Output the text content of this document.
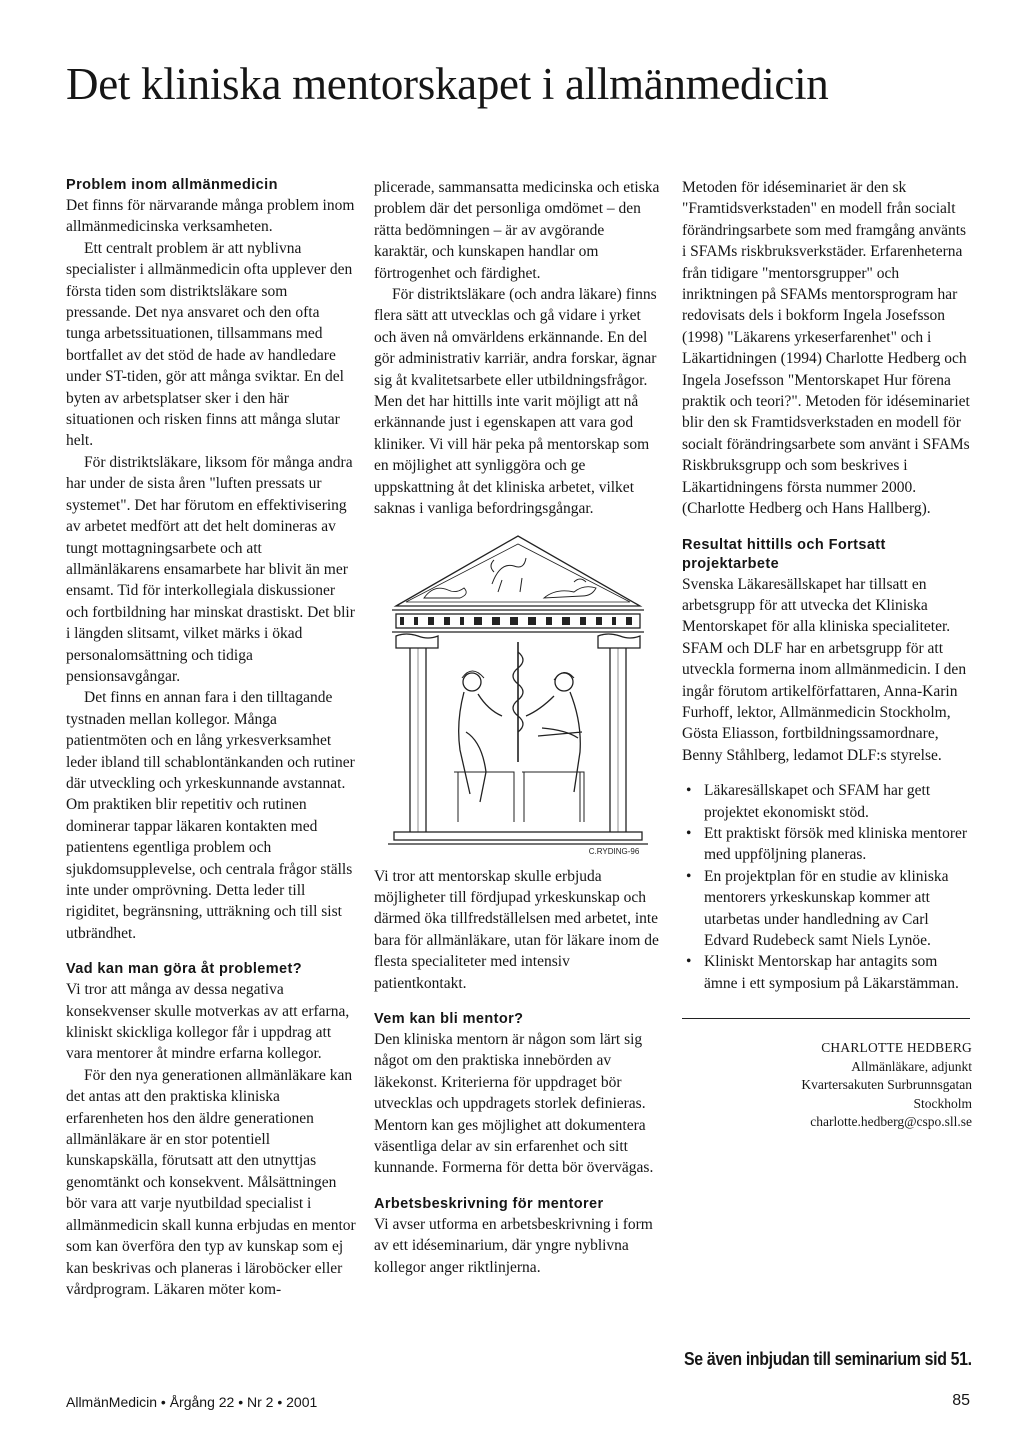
Det kliniska mentorskapet i allmänmedicin
Problem inom allmänmedicin

Det finns för närvarande många problem inom allmänmedicinska verksamheten.

Ett centralt problem är att nyblivna specialister i allmänmedicin ofta upplever den första tiden som distriktsläkare som pressande. Det nya ansvaret och den ofta tunga arbetssituationen, tillsammans med bortfallet av det stöd de hade av handledare under ST-tiden, gör att många sviktar. En del byten av arbetsplatser sker i den här situationen och risken finns att många slutar helt.

För distriktsläkare, liksom för många andra har under de sista åren "luften pressats ur systemet". Det har förutom en effektivisering av arbetet medfört att det helt domineras av tungt mottagningsarbete och att allmänläkarens ensamarbete har blivit än mer ensamt. Tid för interkollegiala diskussioner och fortbildning har minskat drastiskt. Det blir i längden slitsamt, vilket märks i ökad personalomsättning och tidiga pensionsavgångar.

Det finns en annan fara i den tilltagande tystnaden mellan kollegor. Många patientmöten och en lång yrkesverksamhet leder ibland till schablontänkanden och rutiner där utveckling och yrkeskunnande avstannat. Om praktiken blir repetitiv och rutinen dominerar tappar läkaren kontakten med patientens egentliga problem och sjukdomsupplevelse, och centrala frågor ställs inte under omprövning. Detta leder till rigiditet, begränsning, utträkning och till sist utbrändhet.

Vad kan man göra åt problemet?

Vi tror att många av dessa negativa konsekvenser skulle motverkas av att erfarna, kliniskt skickliga kollegor får i uppdrag att vara mentorer åt mindre erfarna kollegor.

För den nya generationen allmänläkare kan det antas att den praktiska kliniska erfarenheten hos den äldre generationen allmänläkare är en stor potentiell kunskapskälla, förutsatt att den utnyttjas genomtänkt och konsekvent. Målsättningen bör vara att varje nyutbildad specialist i allmänmedicin skall kunna erbjudas en mentor som kan överföra den typ av kunskap som ej kan beskrivas och planeras i läroböcker eller vårdprogram. Läkaren möter kom-

plicerade, sammansatta medicinska och etiska problem där det personliga omdömet – den rätta bedömningen – är av avgörande karaktär, och kunskapen handlar om förtrogenhet och färdighet.

För distriktsläkare (och andra läkare) finns flera sätt att utvecklas och gå vidare i yrket och även nå omvärldens erkännande. En del gör administrativ karriär, andra forskar, ägnar sig åt kvalitetsarbete eller utbildningsfrågor. Men det har hittills inte varit möjligt att nå erkännande just i egenskapen att vara god kliniker. Vi vill här peka på mentorskap som en möjlighet att synliggöra och ge uppskattning åt det kliniska arbetet, vilket saknas i vanliga befordringsgångar.

C.RYDING-96

Vi tror att mentorskap skulle erbjuda möjligheter till fördjupad yrkeskunskap och därmed öka tillfredställelsen med arbetet, inte bara för allmänläkare, utan för läkare inom de flesta specialiteter med intensiv patientkontakt.

Vem kan bli mentor?

Den kliniska mentorn är någon som lärt sig något om den praktiska innebörden av läkekonst. Kriterierna för uppdraget bör utvecklas och uppdragets storlek definieras. Mentorn kan ges möjlighet att dokumentera väsentliga delar av sin erfarenhet och sitt kunnande. Formerna för detta bör övervägas.

Arbetsbeskrivning för mentorer

Vi avser utforma en arbetsbeskrivning i form av ett idéseminarium, där yngre nyblivna kollegor anger riktlinjerna.

Metoden för idéseminariet är den sk "Framtidsverkstaden" en modell från socialt förändringsarbete som med framgång använts i SFAMs riskbruksverkstäder. Erfarenheterna från tidigare "mentorsgrupper" och inriktningen på SFAMs mentorsprogram har redovisats dels i bokform Ingela Josefsson (1998) "Läkarens yrkeserfarenhet" och i Läkartidningen (1994) Charlotte Hedberg och Ingela Josefsson "Mentorskapet Hur förena praktik och teori?". Metoden för idéseminariet blir den sk Framtidsverkstaden en modell för socialt förändringsarbete som använt i SFAMs Riskbruksgrupp och som beskrives i Läkartidningens första nummer 2000. (Charlotte Hedberg och Hans Hallberg).

Resultat hittills och Fortsatt projektarbete

Svenska Läkaresällskapet har tillsatt en arbetsgrupp för att utvecka det Kliniska Mentorskapet för alla kliniska specialiteter. SFAM och DLF har en arbetsgrupp för att utveckla formerna inom allmänmedicin. I den ingår förutom artikelförfattaren, Anna-Karin Furhoff, lektor, Allmänmedicin Stockholm, Gösta Eliasson, fortbildningssamordnare, Benny Ståhlberg, ledamot DLF:s styrelse.

• Läkaresällskapet och SFAM har gett projektet ekonomiskt stöd.
• Ett praktiskt försök med kliniska mentorer med uppföljning planeras.
• En projektplan för en studie av kliniska mentorers yrkeskunskap kommer att utarbetas under handledning av Carl Edvard Rudebeck samt Niels Lynöe.
• Kliniskt Mentorskap har antagits som ämne i ett symposium på Läkarstämman.
CHARLOTTE HEDBERG
Allmänläkare, adjunkt
Kvartersakuten Surbrunnsgatan
Stockholm
charlotte.hedberg@cspo.sll.se
Se även inbjudan till seminarium sid 51.
AllmänMedicin • Årgång 22 • Nr 2 • 2001	85
